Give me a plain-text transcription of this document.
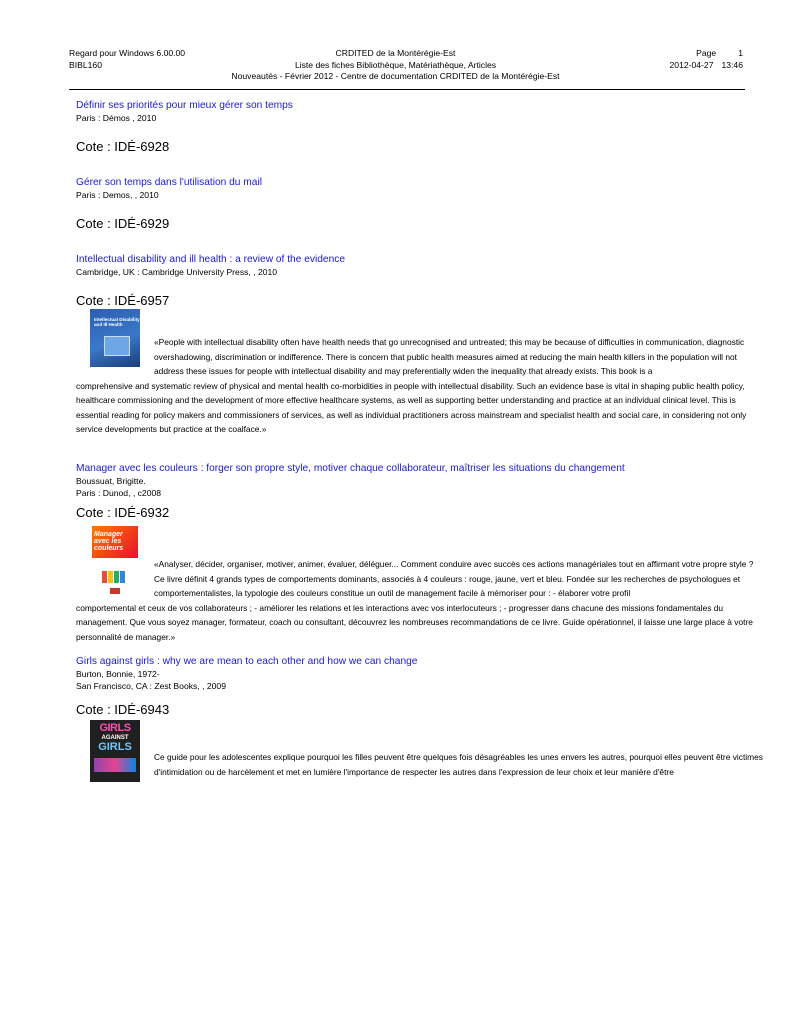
Regard pour Windows 6.00.00
BIBL160
CRDITED de la Montérégie-Est
Liste des fiches Bibliothèque, Matériathèque, Articles
Nouveautés - Février 2012 - Centre de documentation CRDITED de la Montérégie-Est
Page	1
2012-04-27 13:46
Définir ses priorités pour mieux gérer son temps
Paris : Démos , 2010
Cote : IDÉ-6928
Gérer son temps dans l'utilisation du mail
Paris : Demos, , 2010
Cote : IDÉ-6929
Intellectual disability and ill health : a review of the evidence
Cambridge, UK : Cambridge University Press, , 2010
Cote : IDÉ-6957
Intellectual Disability and Ill Health
«People with intellectual disability often have health needs that go unrecognised and untreated; this may be because of difficulties in communication, diagnostic overshadowing, discrimination or indifference. There is concern that public health measures aimed at reducing the main health killers in the population will not address these issues for people with intellectual disability and may preferentially widen the inequality that already exists. This book is a
comprehensive and systematic review of physical and mental health co-morbidities in people with intellectual disability. Such an evidence base is vital in shaping public health policy, healthcare commissioning and the development of more effective healthcare systems, as well as supporting better understanding and practice at an individual clinical level. This is essential reading for policy makers and commissioners of services, as well as individual practitioners across mainstream and specialist health and social care, in considering not only service developments but practice at the coalface.»
Manager avec les couleurs : forger son propre style, motiver chaque collaborateur, maîtriser les situations du changement
Boussuat, Brigitte.
Paris : Dunod, , c2008
Cote : IDÉ-6932
Manager avec les couleurs
«Analyser, décider, organiser, motiver, animer, évaluer, déléguer... Comment conduire avec succès ces actions managériales tout en affirmant votre propre style ? Ce livre définit 4 grands types de comportements dominants, associés à 4 couleurs : rouge, jaune, vert et bleu. Fondée sur les recherches de psychologues et comportementalistes, la typologie des couleurs constitue un outil de management facile à mémoriser pour : - élaborer votre profil
comportemental et ceux de vos collaborateurs ; - améliorer les relations et les interactions avec vos interlocuteurs ; - progresser dans chacune des missions fondamentales du management. Que vous soyez manager, formateur, coach ou consultant, découvrez les nombreuses recommandations de ce livre. Guide opérationnel, il laisse une large place à votre personnalité de manager.»
Girls against girls : why we are mean to each other and how we can change
Burton, Bonnie, 1972-
San Francisco, CA : Zest Books, , 2009
Cote : IDÉ-6943
GIRLS
AGAINST
GIRLS
Ce guide pour les adolescentes explique pourquoi les filles peuvent être quelques fois désagréables les unes envers les autres, pourquoi elles peuvent être victimes d'intimidation ou de harcèlement et met en lumière l'importance de respecter les autres dans l'expression de leur choix et leur manière d'être
